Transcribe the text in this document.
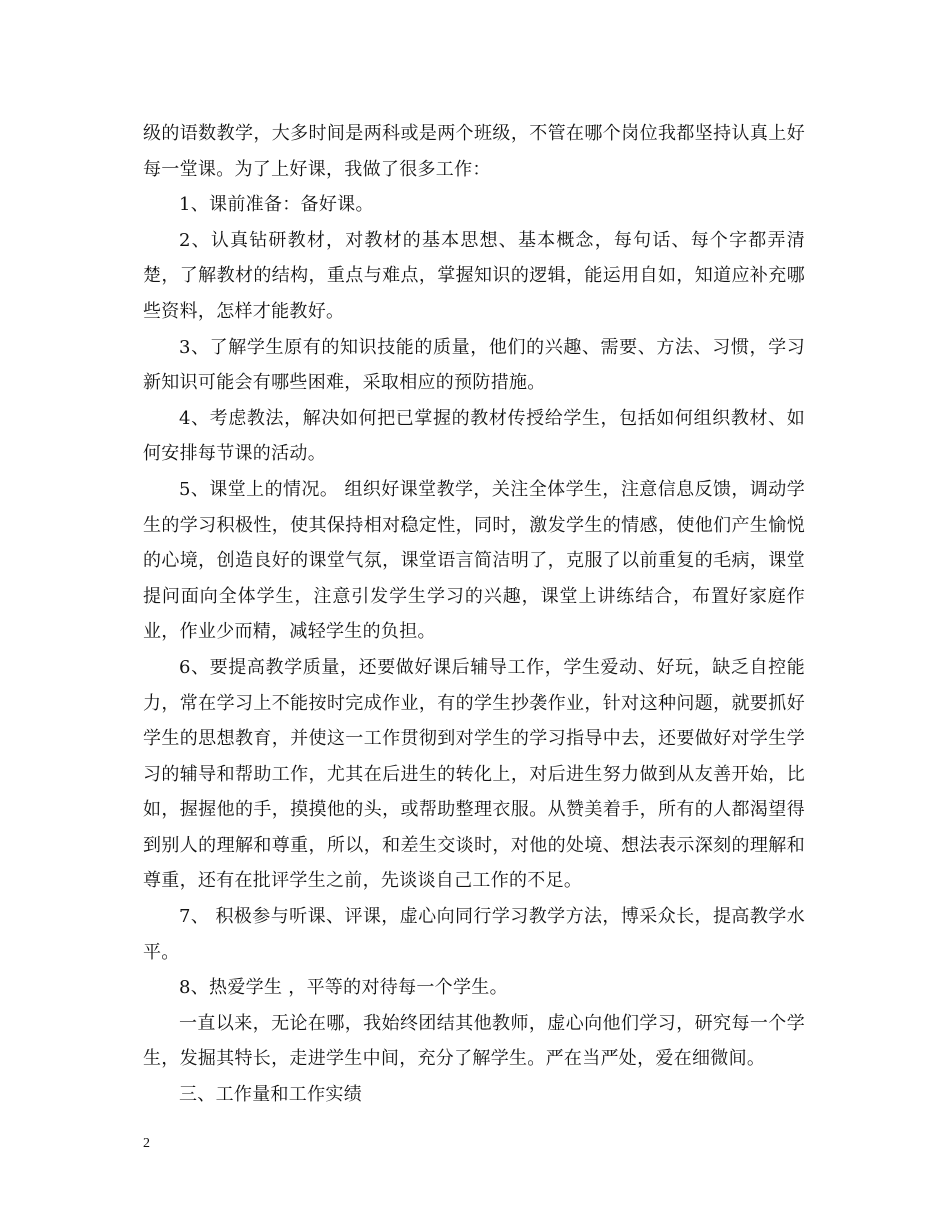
级的语数教学，大多时间是两科或是两个班级，不管在哪个岗位我都坚持认真上好每一堂课。为了上好课，我做了很多工作：

1、课前准备：备好课。

2、认真钻研教材，对教材的基本思想、基本概念，每句话、每个字都弄清楚，了解教材的结构，重点与难点，掌握知识的逻辑，能运用自如，知道应补充哪些资料，怎样才能教好。

3、了解学生原有的知识技能的质量，他们的兴趣、需要、方法、习惯，学习新知识可能会有哪些困难，采取相应的预防措施。

4、考虑教法，解决如何把已掌握的教材传授给学生，包括如何组织教材、如何安排每节课的活动。

5、课堂上的情况。 组织好课堂教学，关注全体学生，注意信息反馈，调动学生的学习积极性，使其保持相对稳定性，同时，激发学生的情感，使他们产生愉悦的心境，创造良好的课堂气氛，课堂语言简洁明了，克服了以前重复的毛病，课堂提问面向全体学生，注意引发学生学习的兴趣，课堂上讲练结合，布置好家庭作业，作业少而精，减轻学生的负担。

6、要提高教学质量，还要做好课后辅导工作，学生爱动、好玩，缺乏自控能力，常在学习上不能按时完成作业，有的学生抄袭作业，针对这种问题，就要抓好学生的思想教育，并使这一工作贯彻到对学生的学习指导中去，还要做好对学生学习的辅导和帮助工作，尤其在后进生的转化上，对后进生努力做到从友善开始，比如，握握他的手，摸摸他的头，或帮助整理衣服。从赞美着手，所有的人都渴望得到别人的理解和尊重，所以，和差生交谈时，对他的处境、想法表示深刻的理解和尊重，还有在批评学生之前，先谈谈自己工作的不足。

7、 积极参与听课、评课，虚心向同行学习教学方法，博采众长，提高教学水平。

8、热爱学生 ，平等的对待每一个学生。

一直以来，无论在哪，我始终团结其他教师，虚心向他们学习，研究每一个学生，发掘其特长，走进学生中间，充分了解学生。严在当严处，爱在细微间。

三、工作量和工作实绩

2
